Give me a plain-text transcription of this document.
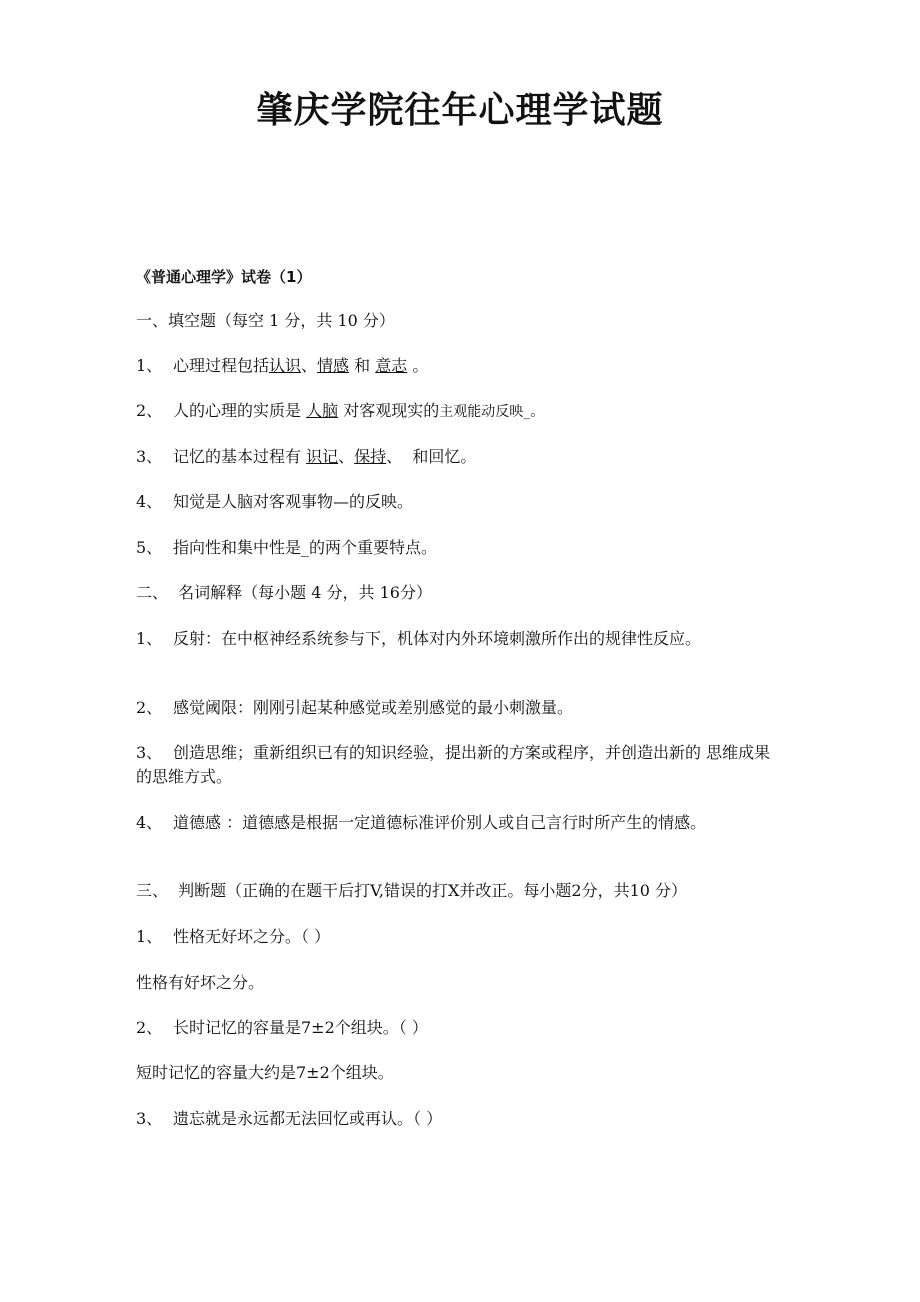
肇庆学院往年心理学试题
《普通心理学》试卷（1）
一、填空题（每空 1 分，共 10 分）
1、 心理过程包括认识、情感 和 意志 。
2、 人的心理的实质是 人脑 对客观现实的主观能动反映_。
3、 记忆的基本过程有 识记、保持、  和回忆。
4、 知觉是人脑对客观事物—的反映。
5、 指向性和集中性是_的两个重要特点。
二、  名词解释（每小题 4 分，共 16分）
1、 反射：在中枢神经系统参与下，机体对内外环境刺激所作出的规律性反应。
2、 感觉阈限：刚刚引起某种感觉或差别感觉的最小刺激量。
3、 创造思维；重新组织已有的知识经验，提出新的方案或程序，并创造出新的 思维成果的思维方式。
4、 道德感 ：道德感是根据一定道德标准评价别人或自己言行时所产生的情感。
三、  判断题（正确的在题干后打V,错误的打X并改正。每小题2分，共10 分）
1、 性格无好坏之分。（ ）
性格有好坏之分。
2、 长时记忆的容量是7±2个组块。（ ）
短时记忆的容量大约是7±2个组块。
3、 遗忘就是永远都无法回忆或再认。（ ）
